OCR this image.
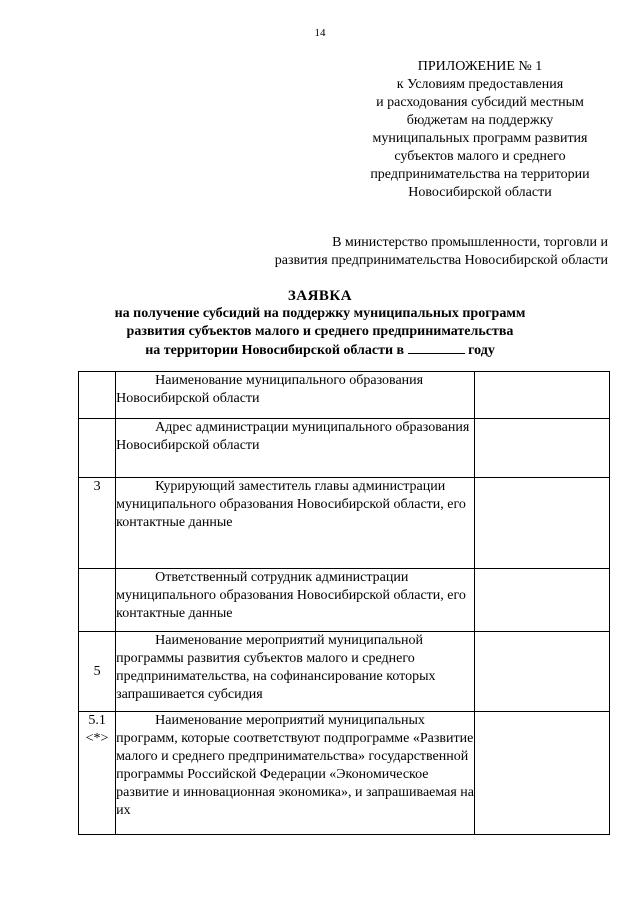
14
ПРИЛОЖЕНИЕ № 1
к Условиям предоставления
и расходования субсидий местным
бюджетам на поддержку
муниципальных программ развития
субъектов малого и среднего
предпринимательства на территории
Новосибирской области
В министерство промышленности, торговли и
развития предпринимательства Новосибирской области
ЗАЯВКА
на получение субсидий на поддержку муниципальных программ
развития субъектов малого и среднего предпринимательства
на территории Новосибирской области в	году

	Наименование муниципального образования Новосибирской области	

	Адрес администрации муниципального образования Новосибирской области	

3	Курирующий заместитель главы администрации муниципального образования Новосибирской области, его контактные данные	

	Ответственный сотрудник администрации муниципального образования Новосибирской области, его контактные данные	

5	Наименование мероприятий муниципальной программы развития субъектов малого и среднего предпринимательства, на софинансирование которых запрашивается субсидия	

5.1
<*>	Наименование мероприятий муниципальных программ, которые соответствуют подпрограмме «Развитие малого и среднего предпринимательства» государственной программы Российской Федерации «Экономическое развитие и инновационная экономика», и запрашиваемая на их	
